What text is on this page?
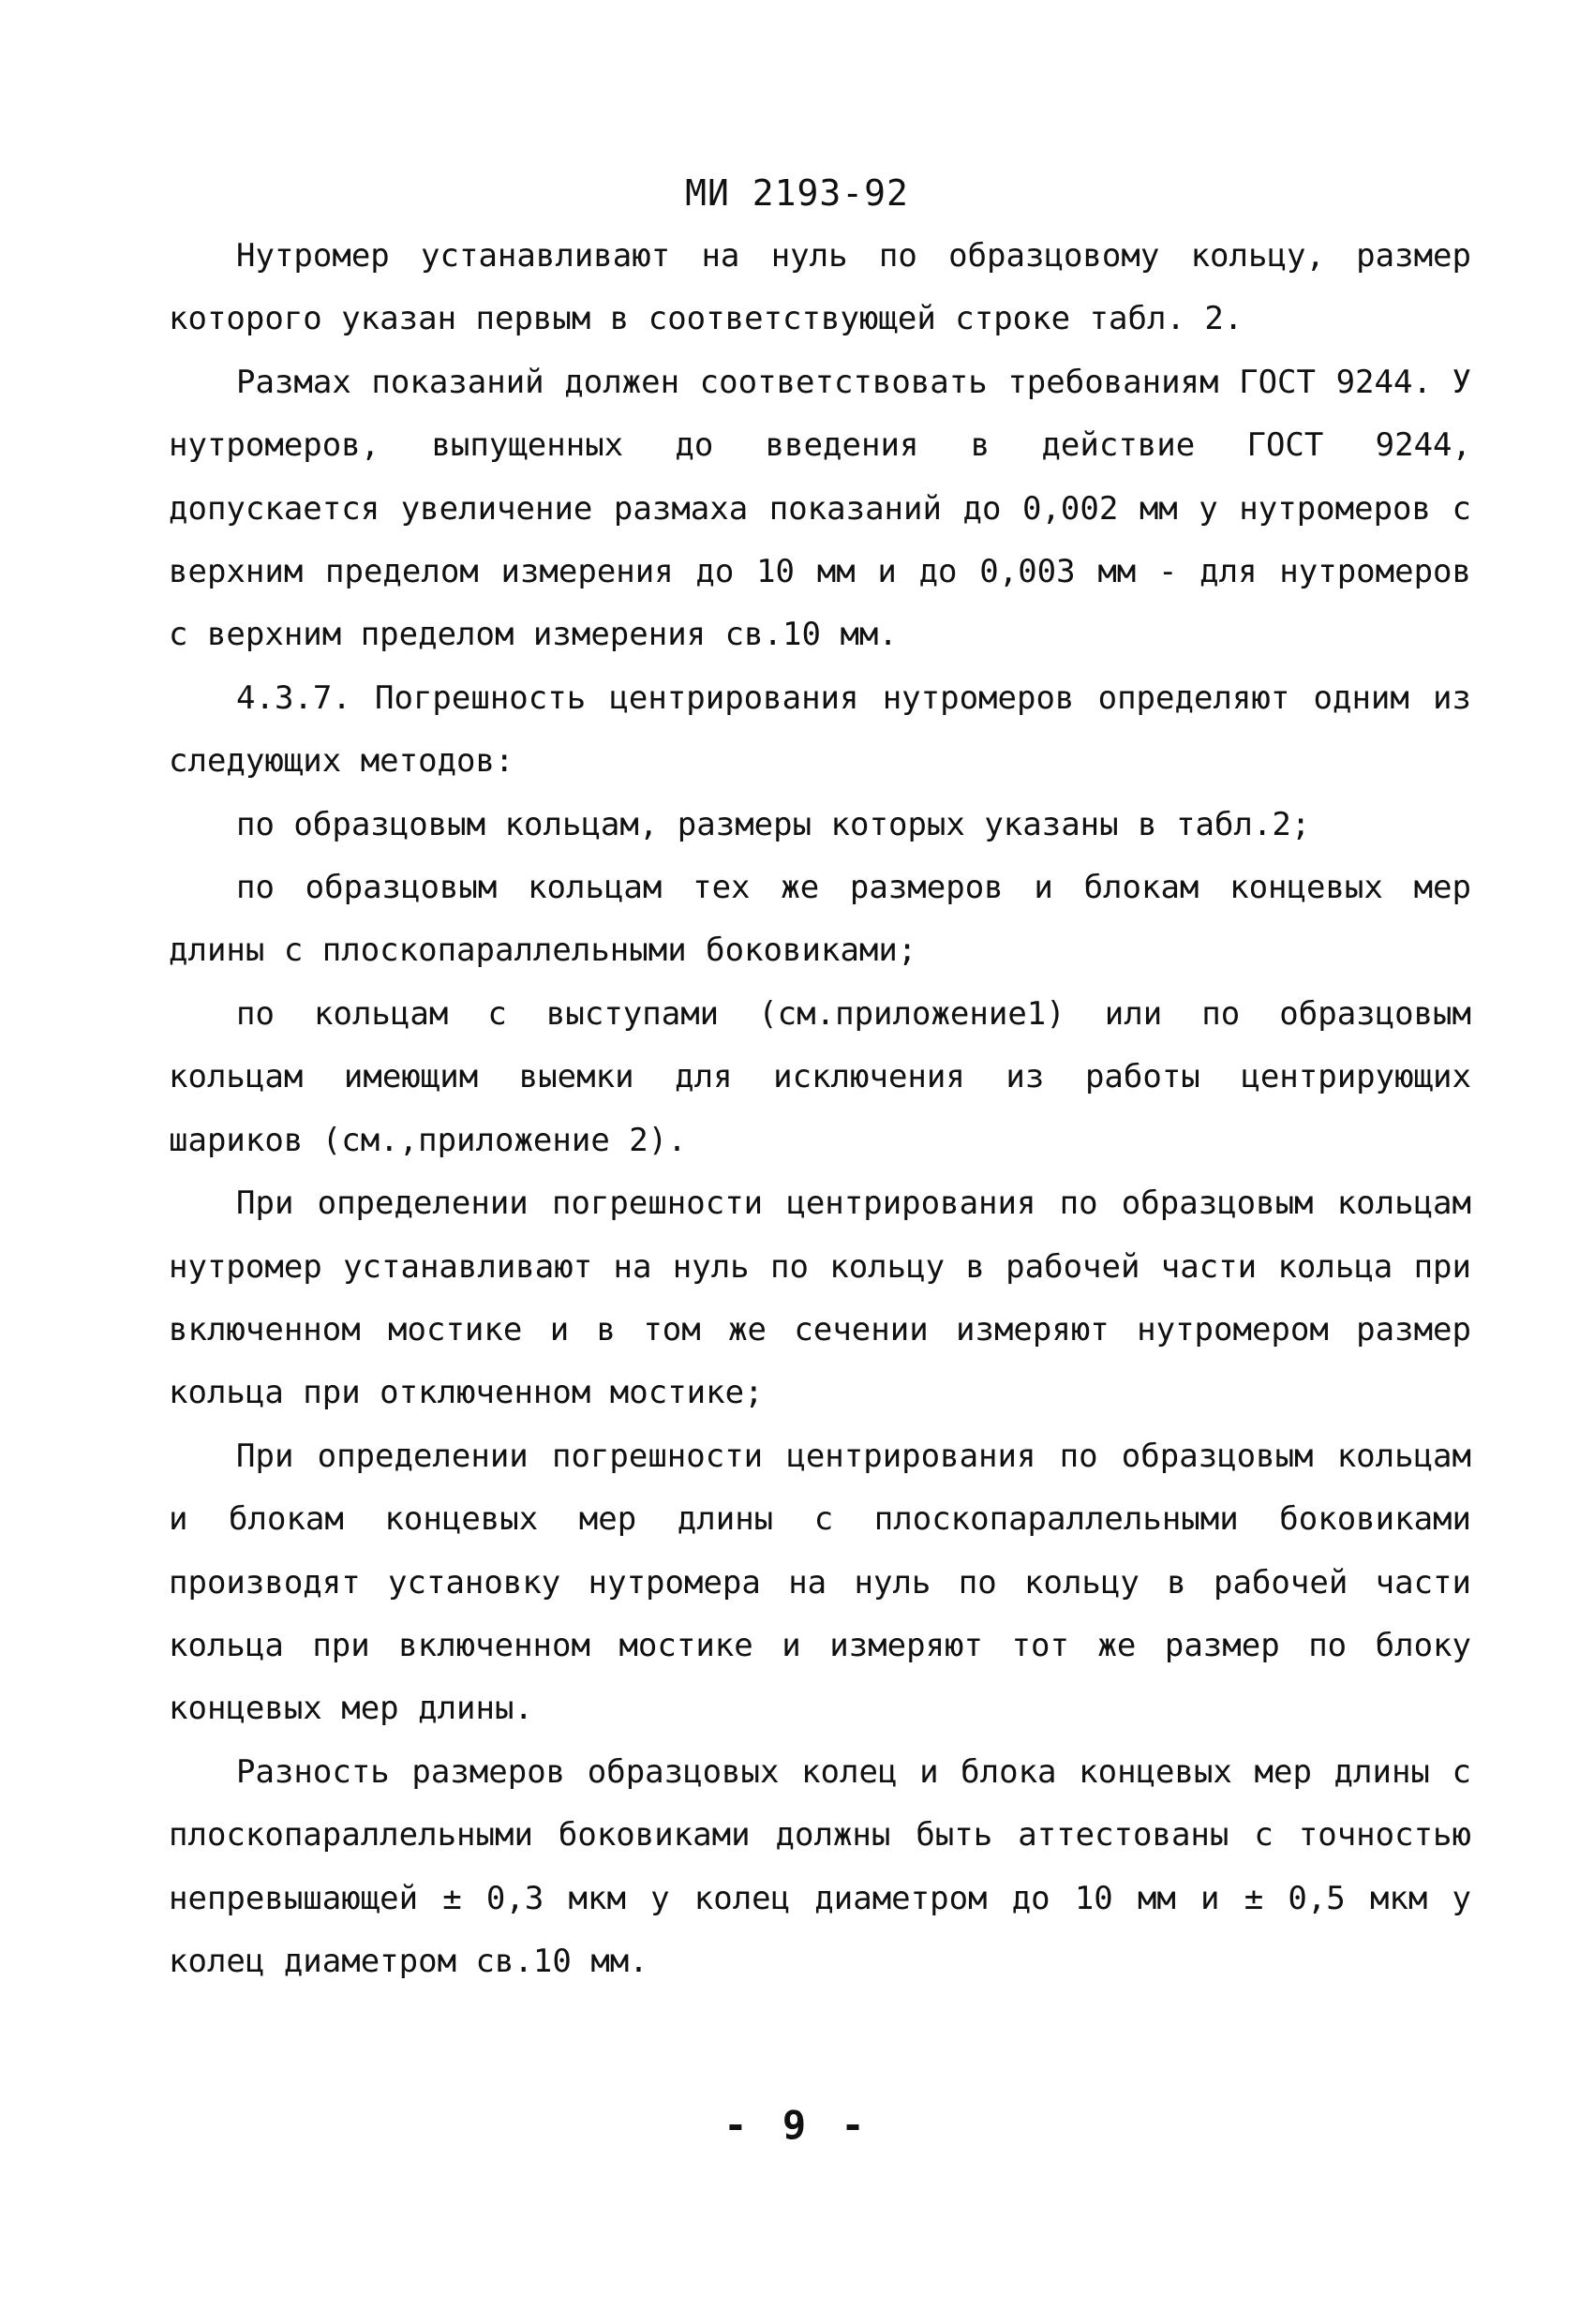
МИ 2193-92

Нутромер устанавливают на нуль по образцовому кольцу, размер которого указан первым в соответствующей строке табл. 2.

Размах показаний должен соответствовать требованиям ГОСТ 9244. У нутромеров, выпущенных до введения в действие ГОСТ 9244, допускается увеличение размаха показаний до 0,002 мм у нутромеров с верхним пределом измерения до 10 мм и до 0,003 мм - для нутромеров с верхним пределом измерения св.10 мм.

4.3.7. Погрешность центрирования нутромеров определяют одним из следующих методов:

по образцовым кольцам, размеры которых указаны в табл.2;

по образцовым кольцам тех же размеров и блокам концевых мер длины с плоскопараллельными боковиками;

по кольцам с выступами (см.приложение1) или по образцовым кольцам имеющим выемки для исключения из работы центрирующих шариков (см.,приложение 2).

При определении погрешности центрирования по образцовым кольцам нутромер устанавливают на нуль по кольцу в рабочей части кольца при включенном мостике и в том же сечении измеряют нутромером размер кольца при отключенном мостике;

При определении погрешности центрирования по образцовым кольцам и блокам концевых мер длины с плоскопараллельными боковиками производят установку нутромера на нуль по кольцу в рабочей части кольца при включенном мостике и измеряют тот же размер по блоку концевых мер длины.

Разность размеров образцовых колец и блока концевых мер длины с плоскопараллельными боковиками должны быть аттестованы с точностью непревышающей ± 0,3 мкм у колец диаметром до 10 мм и ± 0,5 мкм у колец диаметром св.10 мм.

- 9 -
